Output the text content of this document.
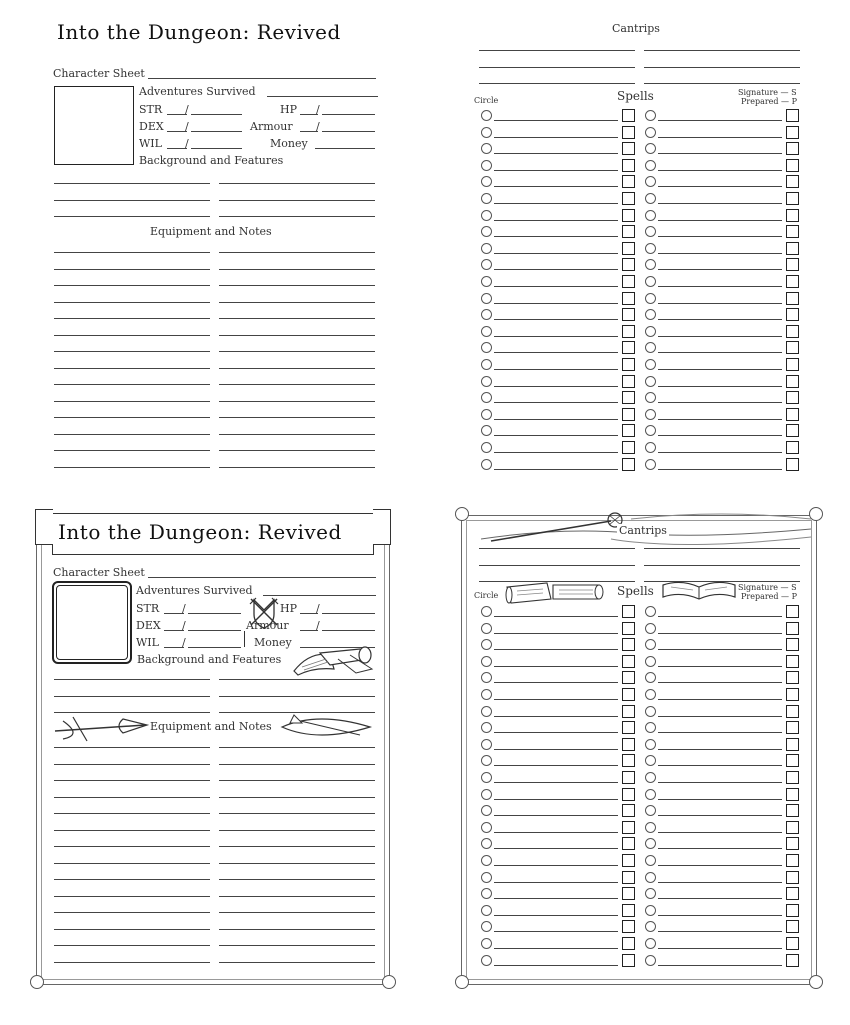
Into the Dungeon: Revived
Character Sheet
Adventures Survived
STR /	HP /
DEX /	Armour /
WIL /	Money
Background and Features
Equipment and Notes
Cantrips
Circle	Spells	Signature — S
Prepared — P
Into the Dungeon: Revived
Character Sheet
Adventures Survived
STR /	HP /
DEX /	Armour /
WIL /	Money
Background and Features
Equipment and Notes
Cantrips
Circle	Spells	Signature — S
Prepared — P
